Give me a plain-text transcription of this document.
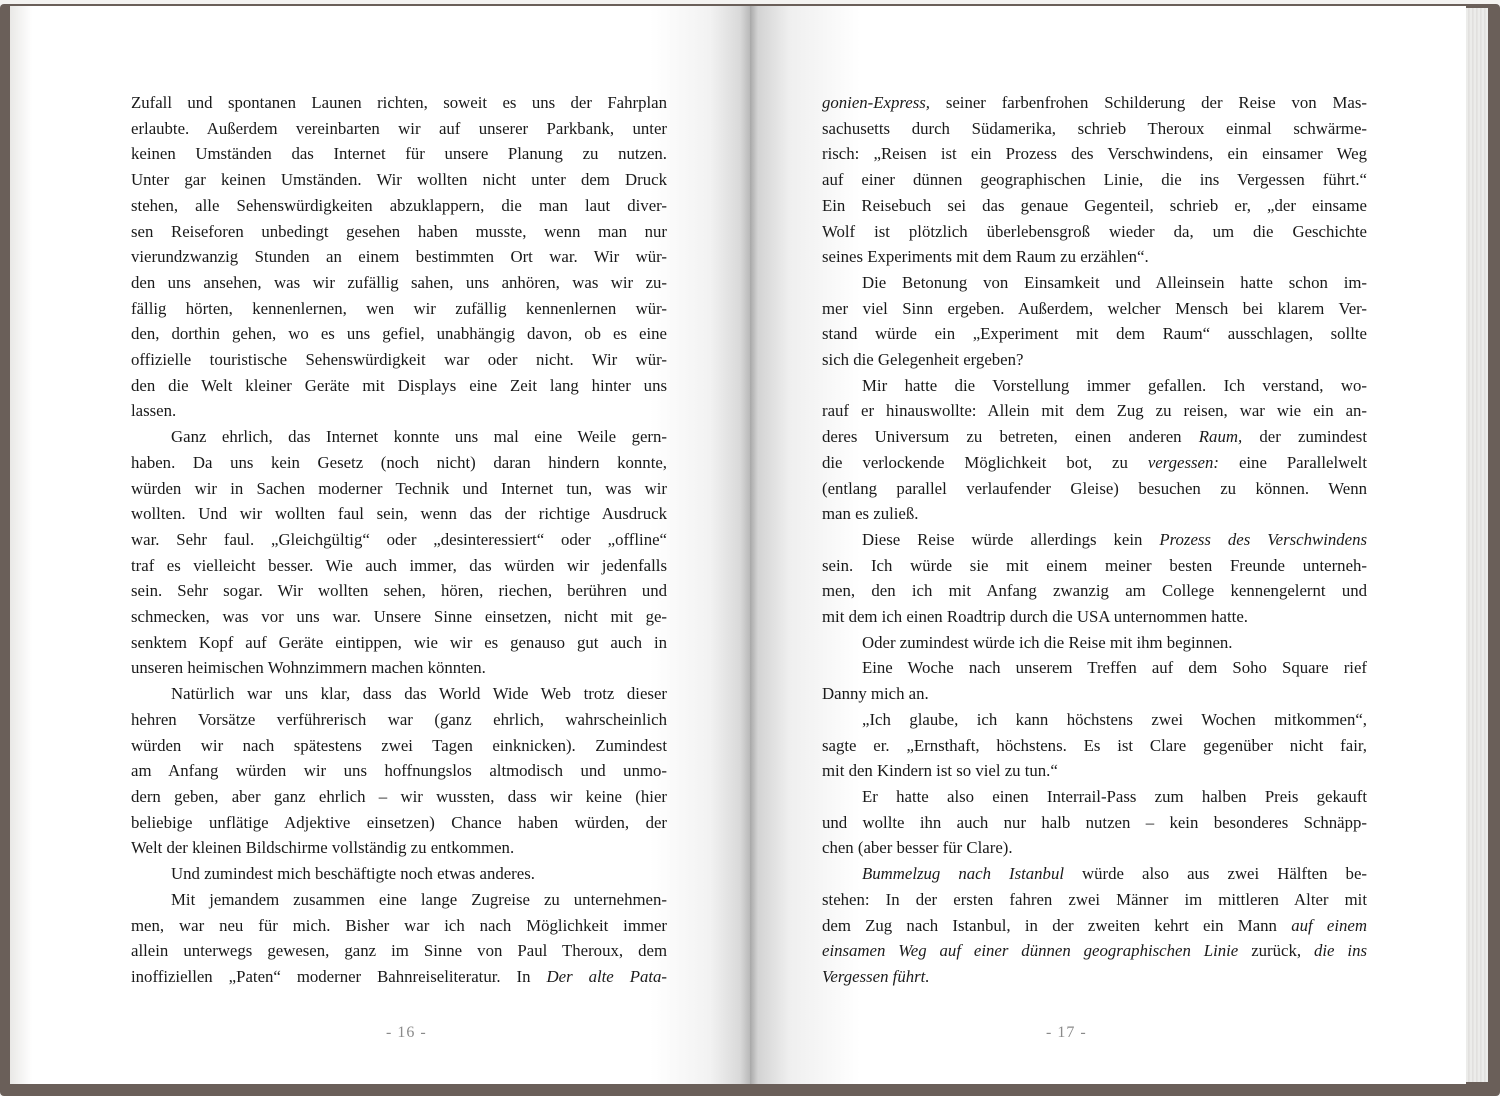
Zufall und spontanen Launen richten, soweit es uns der Fahrplan

erlaubte. Außerdem vereinbarten wir auf unserer Parkbank, unter

keinen Umständen das Internet für unsere Planung zu nutzen.

Unter gar keinen Umständen. Wir wollten nicht unter dem Druck

stehen, alle Sehenswürdigkeiten abzuklappern, die man laut diver-

sen Reiseforen unbedingt gesehen haben musste, wenn man nur

vierundzwanzig Stunden an einem bestimmten Ort war. Wir wür-

den uns ansehen, was wir zufällig sahen, uns anhören, was wir zu-

fällig hörten, kennenlernen, wen wir zufällig kennenlernen wür-

den, dorthin gehen, wo es uns gefiel, unabhängig davon, ob es eine

offizielle touristische Sehenswürdigkeit war oder nicht. Wir wür-

den die Welt kleiner Geräte mit Displays eine Zeit lang hinter uns

lassen.

Ganz ehrlich, das Internet konnte uns mal eine Weile gern-

haben. Da uns kein Gesetz (noch nicht) daran hindern konnte,

würden wir in Sachen moderner Technik und Internet tun, was wir

wollten. Und wir wollten faul sein, wenn das der richtige Ausdruck

war. Sehr faul. „Gleichgültig“ oder „desinteressiert“ oder „offline“

traf es vielleicht besser. Wie auch immer, das würden wir jedenfalls

sein. Sehr sogar. Wir wollten sehen, hören, riechen, berühren und

schmecken, was vor uns war. Unsere Sinne einsetzen, nicht mit ge-

senktem Kopf auf Geräte eintippen, wie wir es genauso gut auch in

unseren heimischen Wohnzimmern machen könnten.

Natürlich war uns klar, dass das World Wide Web trotz dieser

hehren Vorsätze verführerisch war (ganz ehrlich, wahrscheinlich

würden wir nach spätestens zwei Tagen einknicken). Zumindest

am Anfang würden wir uns hoffnungslos altmodisch und unmo-

dern geben, aber ganz ehrlich – wir wussten, dass wir keine (hier

beliebige unflätige Adjektive einsetzen) Chance haben würden, der

Welt der kleinen Bildschirme vollständig zu entkommen.

Und zumindest mich beschäftigte noch etwas anderes.

Mit jemandem zusammen eine lange Zugreise zu unternehmen-

men, war neu für mich. Bisher war ich nach Möglichkeit immer

allein unterwegs gewesen, ganz im Sinne von Paul Theroux, dem

inoffiziellen „Paten“ moderner Bahnreiseliteratur. In Der alte Pata-

- 16 -

gonien-Express, seiner farbenfrohen Schilderung der Reise von Mas-

sachusetts durch Südamerika, schrieb Theroux einmal schwärme-

risch: „Reisen ist ein Prozess des Verschwindens, ein einsamer Weg

auf einer dünnen geographischen Linie, die ins Vergessen führt.“

Ein Reisebuch sei das genaue Gegenteil, schrieb er, „der einsame

Wolf ist plötzlich überlebensgroß wieder da, um die Geschichte

seines Experiments mit dem Raum zu erzählen“.

Die Betonung von Einsamkeit und Alleinsein hatte schon im-

mer viel Sinn ergeben. Außerdem, welcher Mensch bei klarem Ver-

stand würde ein „Experiment mit dem Raum“ ausschlagen, sollte

sich die Gelegenheit ergeben?

Mir hatte die Vorstellung immer gefallen. Ich verstand, wo-

rauf er hinauswollte: Allein mit dem Zug zu reisen, war wie ein an-

deres Universum zu betreten, einen anderen Raum, der zumindest

die verlockende Möglichkeit bot, zu vergessen: eine Parallelwelt

(entlang parallel verlaufender Gleise) besuchen zu können. Wenn

man es zuließ.

Diese Reise würde allerdings kein Prozess des Verschwindens

sein. Ich würde sie mit einem meiner besten Freunde unterneh-

men, den ich mit Anfang zwanzig am College kennengelernt und

mit dem ich einen Roadtrip durch die USA unternommen hatte.

Oder zumindest würde ich die Reise mit ihm beginnen.

Eine Woche nach unserem Treffen auf dem Soho Square rief

Danny mich an.

„Ich glaube, ich kann höchstens zwei Wochen mitkommen“,

sagte er. „Ernsthaft, höchstens. Es ist Clare gegenüber nicht fair,

mit den Kindern ist so viel zu tun.“

Er hatte also einen Interrail-Pass zum halben Preis gekauft

und wollte ihn auch nur halb nutzen – kein besonderes Schnäpp-

chen (aber besser für Clare).

Bummelzug nach Istanbul würde also aus zwei Hälften be-

stehen: In der ersten fahren zwei Männer im mittleren Alter mit

dem Zug nach Istanbul, in der zweiten kehrt ein Mann auf einem

einsamen Weg auf einer dünnen geographischen Linie zurück, die ins

Vergessen führt.

- 17 -
